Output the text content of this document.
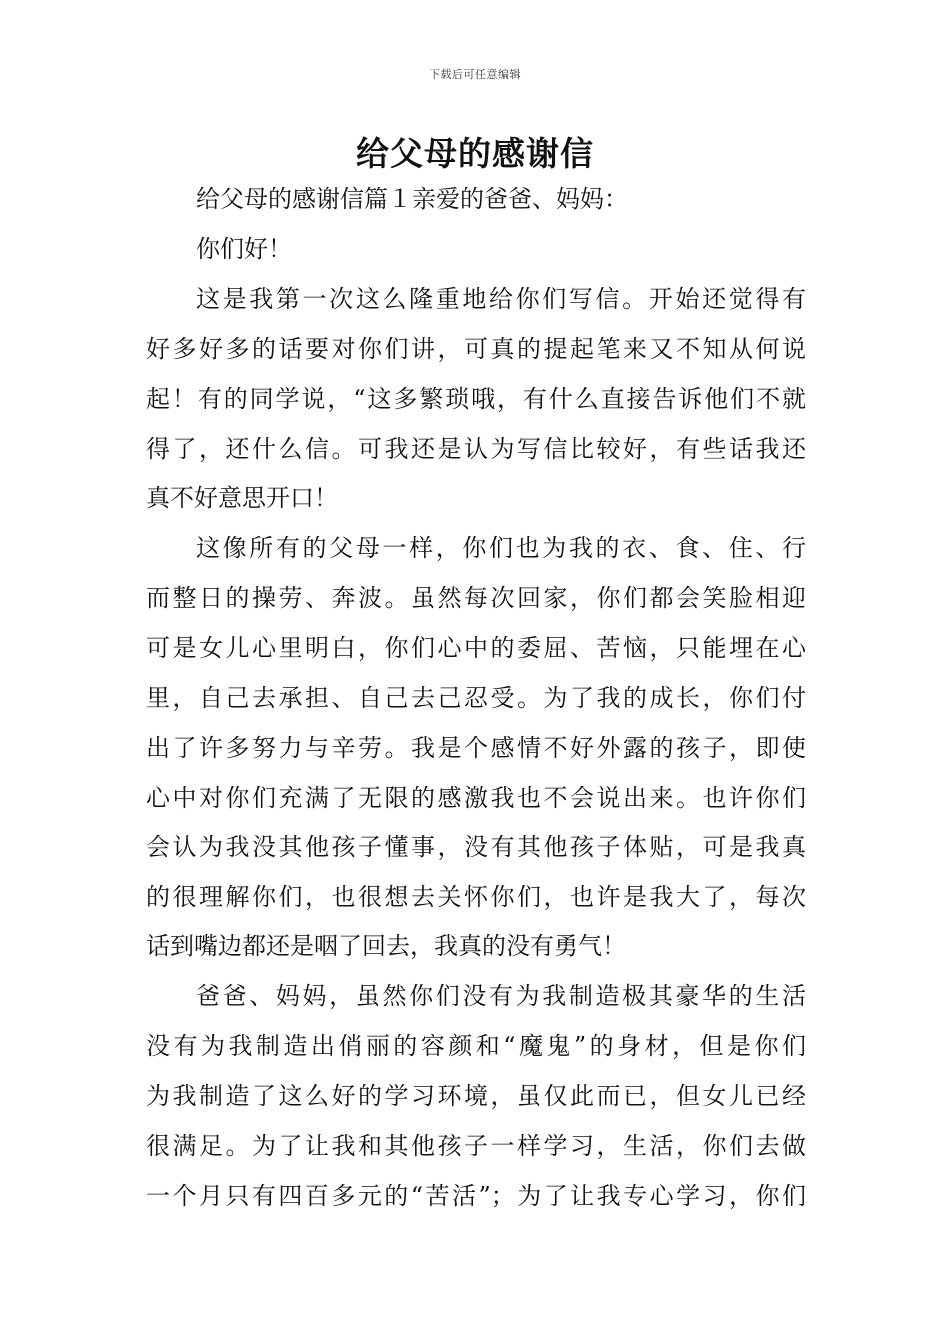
下载后可任意编辑
给父母的感谢信
给父母的感谢信篇１亲爱的爸爸、妈妈：
你们好！
这是我第一次这么隆重地给你们写信。开始还觉得有
好多好多的话要对你们讲，可真的提起笔来又不知从何说
起！有的同学说，“这多繁琐哦，有什么直接告诉他们不就
得了，还什么信。可我还是认为写信比较好，有些话我还
真不好意思开口！
这像所有的父母一样，你们也为我的衣、食、住、行
而整日的操劳、奔波。虽然每次回家，你们都会笑脸相迎
可是女儿心里明白，你们心中的委屈、苦恼，只能埋在心
里，自己去承担、自己去己忍受。为了我的成长，你们付
出了许多努力与辛劳。我是个感情不好外露的孩子，即使
心中对你们充满了无限的感激我也不会说出来。也许你们
会认为我没其他孩子懂事，没有其他孩子体贴，可是我真
的很理解你们，也很想去关怀你们，也许是我大了，每次
话到嘴边都还是咽了回去，我真的没有勇气！
爸爸、妈妈，虽然你们没有为我制造极其豪华的生活
没有为我制造出俏丽的容颜和“魔鬼”的身材，但是你们
为我制造了这么好的学习环境，虽仅此而已，但女儿已经
很满足。为了让我和其他孩子一样学习，生活，你们去做
一个月只有四百多元的“苦活”；为了让我专心学习，你们
